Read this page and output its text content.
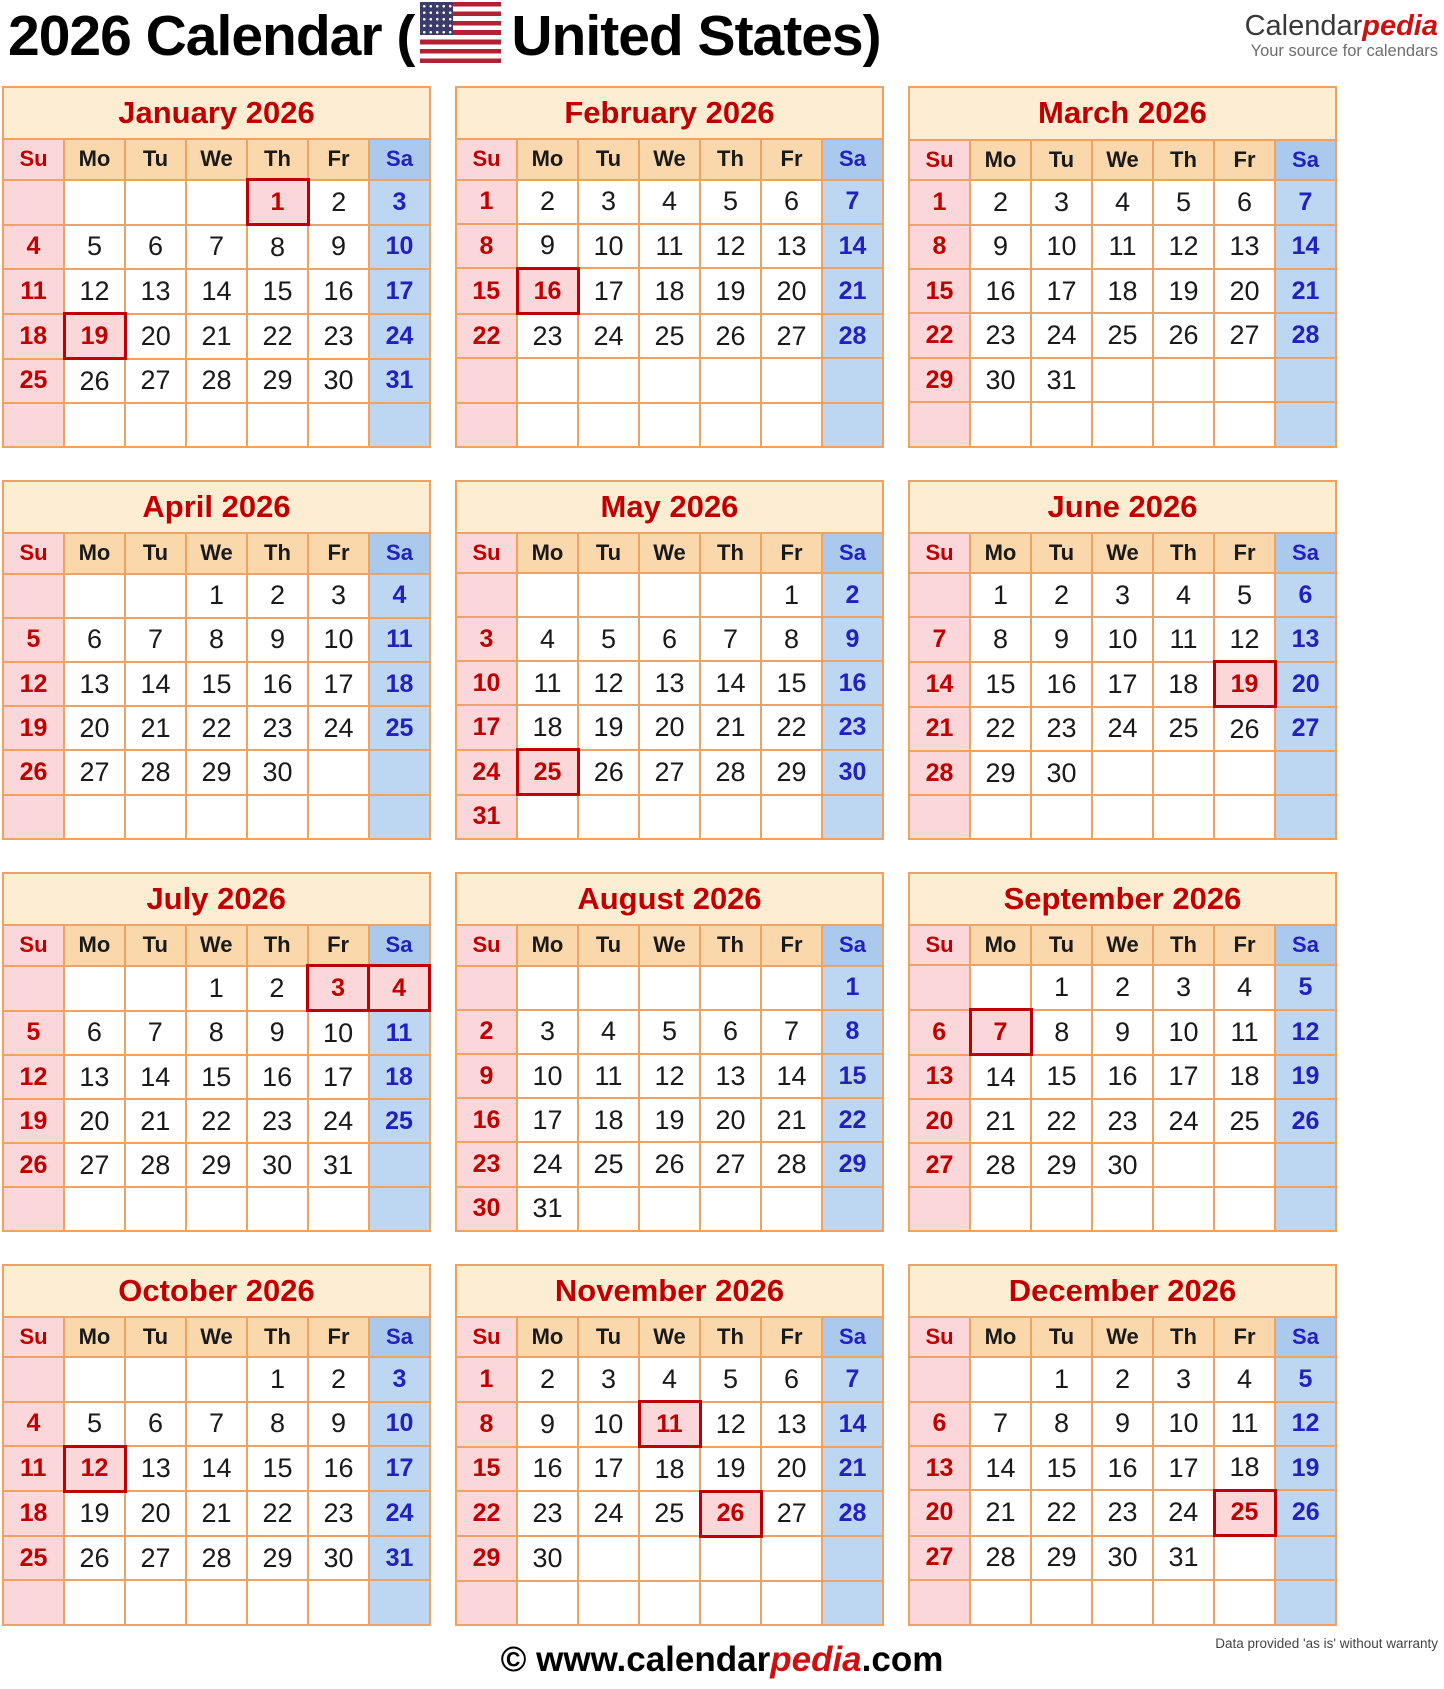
2026 Calendar ( United States)	Calendarpedia
Your source for calendars
January 2026						
Su	Mo	Tu	We	Th	Fr	Sa
				1	2	3
4	5	6	7	8	9	10
11	12	13	14	15	16	17
18	19	20	21	22	23	24
25	26	27	28	29	30	31

February 2026						
Su	Mo	Tu	We	Th	Fr	Sa
1	2	3	4	5	6	7
8	9	10	11	12	13	14
15	16	17	18	19	20	21
22	23	24	25	26	27	28

March 2026						
Su	Mo	Tu	We	Th	Fr	Sa
1	2	3	4	5	6	7
8	9	10	11	12	13	14
15	16	17	18	19	20	21
22	23	24	25	26	27	28
29	30	31				

April 2026						
Su	Mo	Tu	We	Th	Fr	Sa
			1	2	3	4
5	6	7	8	9	10	11
12	13	14	15	16	17	18
19	20	21	22	23	24	25
26	27	28	29	30		

May 2026						
Su	Mo	Tu	We	Th	Fr	Sa
					1	2
3	4	5	6	7	8	9
10	11	12	13	14	15	16
17	18	19	20	21	22	23
24	25	26	27	28	29	30
31						
June 2026						
Su	Mo	Tu	We	Th	Fr	Sa
	1	2	3	4	5	6
7	8	9	10	11	12	13
14	15	16	17	18	19	20
21	22	23	24	25	26	27
28	29	30				

July 2026						
Su	Mo	Tu	We	Th	Fr	Sa
			1	2	3	4
5	6	7	8	9	10	11
12	13	14	15	16	17	18
19	20	21	22	23	24	25
26	27	28	29	30	31	

August 2026						
Su	Mo	Tu	We	Th	Fr	Sa
						1
2	3	4	5	6	7	8
9	10	11	12	13	14	15
16	17	18	19	20	21	22
23	24	25	26	27	28	29
30	31					
September 2026						
Su	Mo	Tu	We	Th	Fr	Sa
		1	2	3	4	5
6	7	8	9	10	11	12
13	14	15	16	17	18	19
20	21	22	23	24	25	26
27	28	29	30			

October 2026						
Su	Mo	Tu	We	Th	Fr	Sa
				1	2	3
4	5	6	7	8	9	10
11	12	13	14	15	16	17
18	19	20	21	22	23	24
25	26	27	28	29	30	31

November 2026						
Su	Mo	Tu	We	Th	Fr	Sa
1	2	3	4	5	6	7
8	9	10	11	12	13	14
15	16	17	18	19	20	21
22	23	24	25	26	27	28
29	30					

December 2026						
Su	Mo	Tu	We	Th	Fr	Sa
		1	2	3	4	5
6	7	8	9	10	11	12
13	14	15	16	17	18	19
20	21	22	23	24	25	26
27	28	29	30	31		

Data provided 'as is' without warranty
© www.calendarpedia.com
